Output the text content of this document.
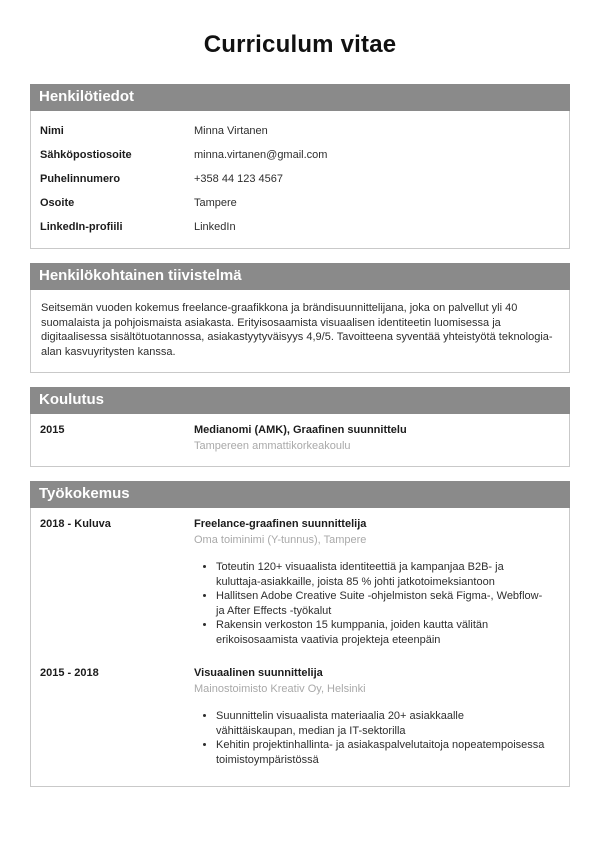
Curriculum vitae
Henkilötiedot
Nimi	Minna Virtanen
Sähköpostiosoite	minna.virtanen@gmail.com
Puhelinnumero	+358 44 123 4567
Osoite	Tampere
LinkedIn-profiili	LinkedIn
Henkilökohtainen tiivistelmä

Seitsemän vuoden kokemus freelance-graafikkona ja brändisuunnittelijana, joka on palvellut yli 40 suomalaista ja pohjoismaista asiakasta. Erityisosaamista visuaalisen identiteetin luomisessa ja digitaalisessa sisältötuotannossa, asiakastyytyväisyys 4,9/5. Tavoitteena syventää yhteistyötä teknologia-alan kasvuyritysten kanssa.

Koulutus
2015	Medianomi (AMK), Graafinen suunnittelu
Tampereen ammattikorkeakoulu
Työkokemus
2018 - Kuluva	Freelance-graafinen suunnittelija
Oma toiminimi (Y-tunnus), Tampere
• Toteutin 120+ visuaalista identiteettiä ja kampanjaa B2B- ja kuluttaja-asiakkaille, joista 85 % johti jatkotoimeksiantoon
• Hallitsen Adobe Creative Suite -ohjelmiston sekä Figma-, Webflow- ja After Effects -työkalut
• Rakensin verkoston 15 kumppania, joiden kautta välitän erikoisosaamista vaativia projekteja eteenpäin
2015 - 2018	Visuaalinen suunnittelija
Mainostoimisto Kreativ Oy, Helsinki
• Suunnittelin visuaalista materiaalia 20+ asiakkaalle vähittäiskaupan, median ja IT-sektorilla
• Kehitin projektinhallinta- ja asiakaspalvelutaitoja nopeatempoisessa toimistoympäristössä
